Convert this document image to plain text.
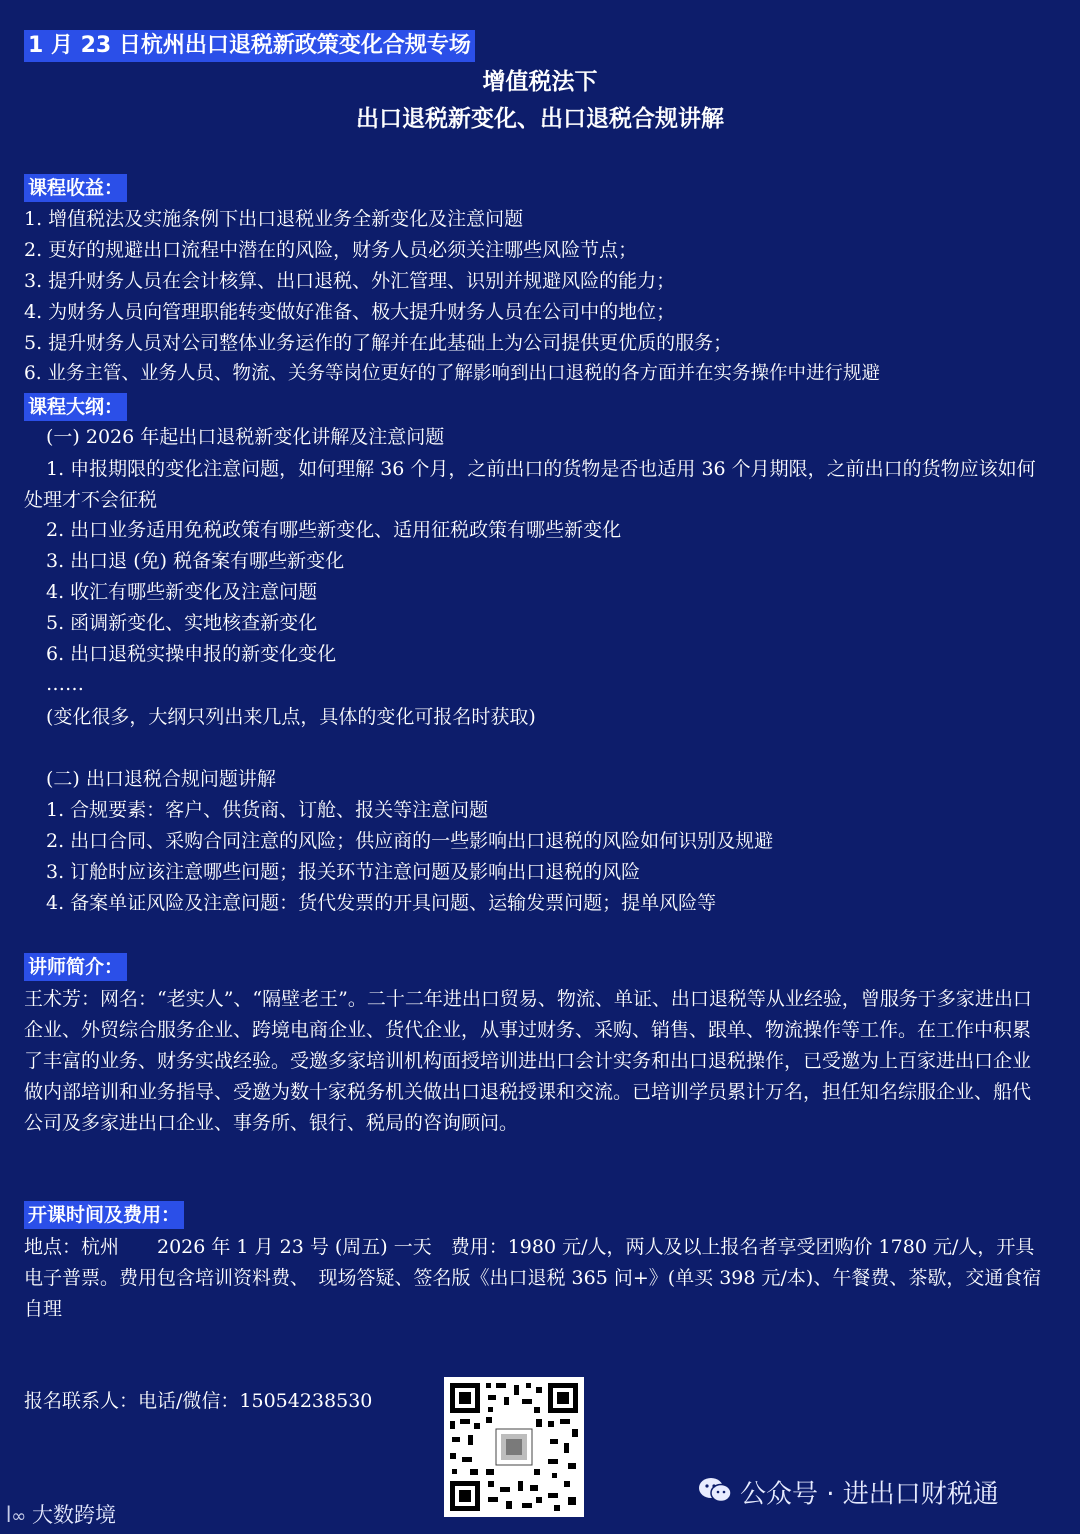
1 月 23 日杭州出口退税新政策变化合规专场
增值税法下
出口退税新变化、出口退税合规讲解
课程收益：
1. 增值税法及实施条例下出口退税业务全新变化及注意问题
2. 更好的规避出口流程中潜在的风险，财务人员必须关注哪些风险节点；
3. 提升财务人员在会计核算、出口退税、外汇管理、识别并规避风险的能力；
4. 为财务人员向管理职能转变做好准备、极大提升财务人员在公司中的地位；
5. 提升财务人员对公司整体业务运作的了解并在此基础上为公司提供更优质的服务；
6. 业务主管、业务人员、物流、关务等岗位更好的了解影响到出口退税的各方面并在实务操作中进行规避
课程大纲：
(一) 2026 年起出口退税新变化讲解及注意问题
1. 申报期限的变化注意问题，如何理解 36 个月，之前出口的货物是否也适用 36 个月期限，之前出口的货物应该如何处理才不会征税
2. 出口业务适用免税政策有哪些新变化、适用征税政策有哪些新变化
3. 出口退 (免) 税备案有哪些新变化
4. 收汇有哪些新变化及注意问题
5. 函调新变化、实地核查新变化
6. 出口退税实操申报的新变化变化
……
(变化很多，大纲只列出来几点，具体的变化可报名时获取)
(二) 出口退税合规问题讲解
1. 合规要素：客户、供货商、订舱、报关等注意问题
2. 出口合同、采购合同注意的风险；供应商的一些影响出口退税的风险如何识别及规避
3. 订舱时应该注意哪些问题；报关环节注意问题及影响出口退税的风险
4. 备案单证风险及注意问题：货代发票的开具问题、运输发票问题；提单风险等
讲师简介：
王术芳：网名：“老实人”、“隔壁老王”。二十二年进出口贸易、物流、单证、出口退税等从业经验，曾服务于多家进出口企业、外贸综合服务企业、跨境电商企业、货代企业，从事过财务、采购、销售、跟单、物流操作等工作。在工作中积累了丰富的业务、财务实战经验。受邀多家培训机构面授培训进出口会计实务和出口退税操作，已受邀为上百家进出口企业做内部培训和业务指导、受邀为数十家税务机关做出口退税授课和交流。已培训学员累计万名，担任知名综服企业、船代公司及多家进出口企业、事务所、银行、税局的咨询顾问。
开课时间及费用：
地点：杭州　　2026 年 1 月 23 号 (周五) 一天　费用：1980 元/人，两人及以上报名者享受团购价 1780 元/人，开具电子普票。费用包含培训资料费、　现场答疑、签名版《出口退税 365 问+》(单买 398 元/本)、午餐费、茶歇，交通食宿自理
报名联系人：电话/微信：15054238530
ꟾ∞ 大数跨境
公众号 · 进出口财税通
